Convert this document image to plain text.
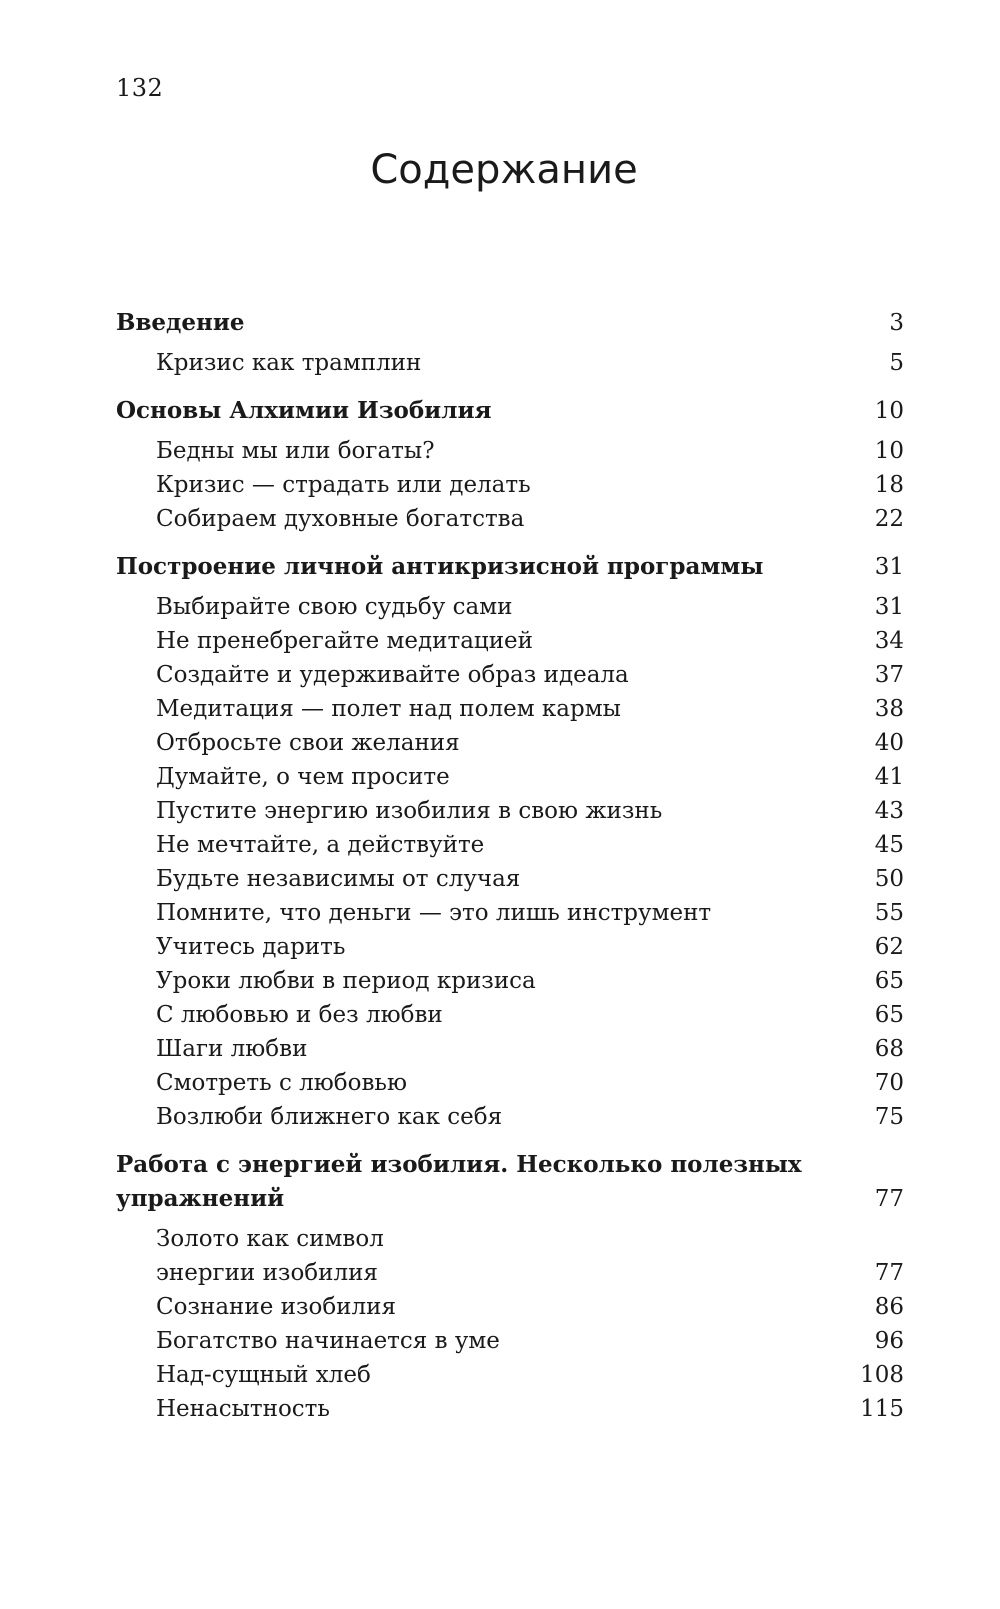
132
Содержание
Введение	3
Кризис как трамплин	5
Основы Алхимии Изобилия	10
Бедны мы или богаты?	10
Кризис — страдать или делать	18
Собираем духовные богатства	22
Построение личной антикризисной программы	31
Выбирайте свою судьбу сами	31
Не пренебрегайте медитацией	34
Создайте и удерживайте образ идеала	37
Медитация — полет над полем кармы	38
Отбросьте свои желания	40
Думайте, о чем просите	41
Пустите энергию изобилия в свою жизнь	43
Не мечтайте, а действуйте	45
Будьте независимы от случая	50
Помните, что деньги — это лишь инструмент	55
Учитесь дарить	62
Уроки любви в период кризиса	65
С любовью и без любви	65
Шаги любви	68
Смотреть с любовью	70
Возлюби ближнего как себя	75
Работа с энергией изобилия. Несколько полезных
упражнений	77
Золото как символ
энергии изобилия	77
Сознание изобилия	86
Богатство начинается в уме	96
Над-сущный хлеб	108
Ненасытность	115
